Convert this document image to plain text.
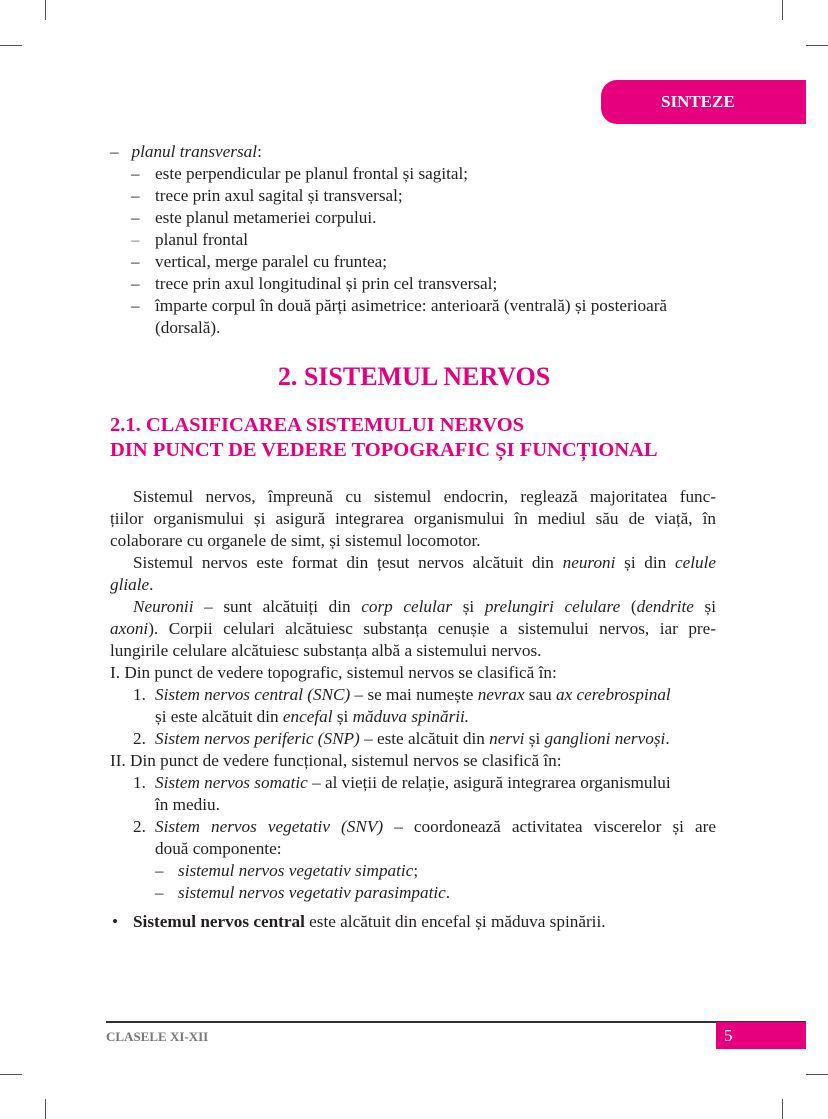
SINTEZE
– planul transversal:
– este perpendicular pe planul frontal și sagital;
– trece prin axul sagital și transversal;
– este planul metameriei corpului.
– planul frontal
– vertical, merge paralel cu fruntea;
– trece prin axul longitudinal și prin cel transversal;
– împarte corpul în două părți asimetrice: anterioară (ventrală) și posterioară
(dorsală).
2. SISTEMUL NERVOS
2.1. CLASIFICAREA SISTEMULUI NERVOS
DIN PUNCT DE VEDERE TOPOGRAFIC ȘI FUNCȚIONAL
Sistemul nervos, împreună cu sistemul endocrin, reglează majoritatea func-
țiilor organismului și asigură integrarea organismului în mediul său de viață, în
colaborare cu organele de simt, și sistemul locomotor.
Sistemul nervos este format din țesut nervos alcătuit din neuroni și din celule
gliale.
Neuronii – sunt alcătuiți din corp celular și prelungiri celulare (dendrite și
axoni). Corpii celulari alcătuiesc substanța cenușie a sistemului nervos, iar pre-
lungirile celulare alcătuiesc substanța albă a sistemului nervos.
I. Din punct de vedere topografic, sistemul nervos se clasifică în:
1. Sistem nervos central (SNC) – se mai numește nevrax sau ax cerebrospinal
și este alcătuit din encefal și măduva spinării.
2. Sistem nervos periferic (SNP) – este alcătuit din nervi și ganglioni nervoși.
II. Din punct de vedere funcțional, sistemul nervos se clasifică în:
1. Sistem nervos somatic – al vieții de relație, asigură integrarea organismului
în mediu.
2. Sistem nervos vegetativ (SNV) – coordonează activitatea viscerelor și are
două componente:
– sistemul nervos vegetativ simpatic;
– sistemul nervos vegetativ parasimpatic.
• Sistemul nervos central este alcătuit din encefal și măduva spinării.
CLASELE XI-XII	5
